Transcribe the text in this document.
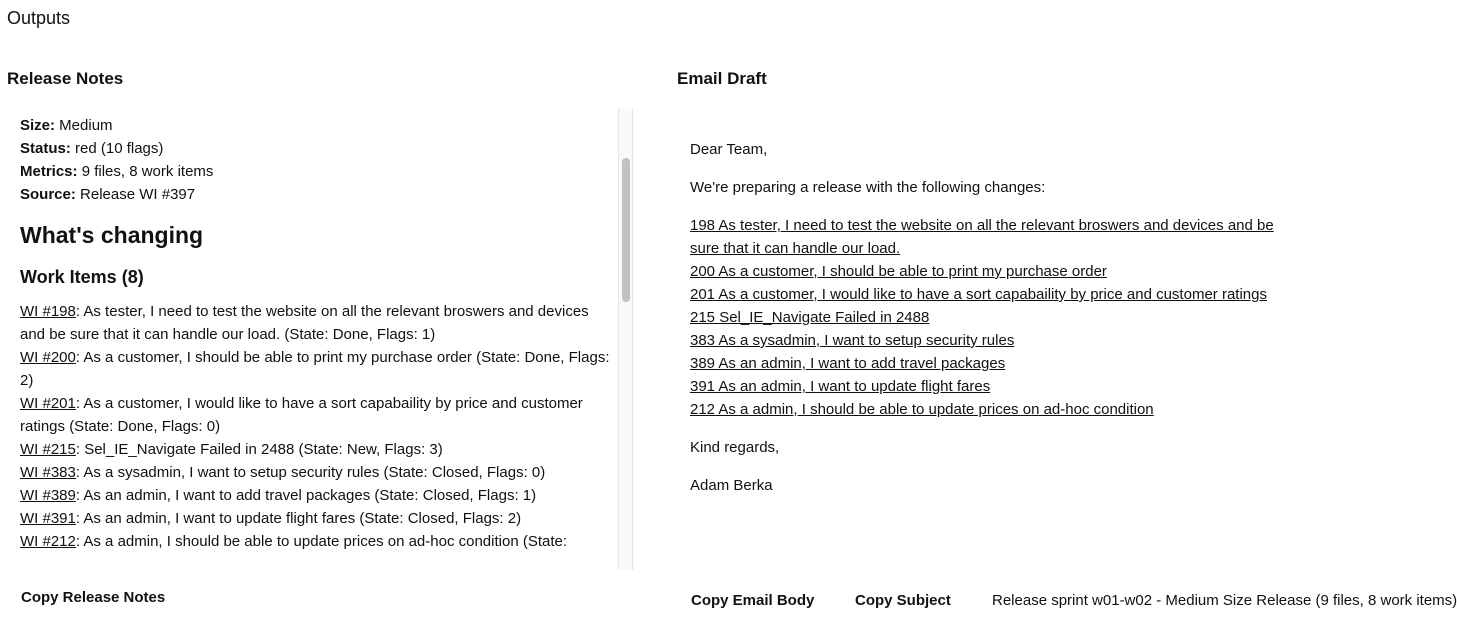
Outputs
Release Notes	Email Draft
Size: Medium
Status: red (10 flags)
Metrics: 9 files, 8 work items
Source: Release WI #397
What's changing
Work Items (8)
WI #198: As tester, I need to test the website on all the relevant broswers and devices and be sure that it can handle our load. (State: Done, Flags: 1)
WI #200: As a customer, I should be able to print my purchase order (State: Done, Flags: 2)
WI #201: As a customer, I would like to have a sort capabaility by price and customer ratings (State: Done, Flags: 0)
WI #215: Sel_IE_Navigate Failed in 2488 (State: New, Flags: 3)
WI #383: As a sysadmin, I want to setup security rules (State: Closed, Flags: 0)
WI #389: As an admin, I want to add travel packages (State: Closed, Flags: 1)
WI #391: As an admin, I want to update flight fares (State: Closed, Flags: 2)
WI #212: As a admin, I should be able to update prices on ad-hoc condition (State:

Dear Team,

We're preparing a release with the following changes:

198 As tester, I need to test the website on all the relevant broswers and devices and be sure that it can handle our load.
200 As a customer, I should be able to print my purchase order
201 As a customer, I would like to have a sort capabaility by price and customer ratings
215 Sel_IE_Navigate Failed in 2488
383 As a sysadmin, I want to setup security rules
389 As an admin, I want to add travel packages
391 As an admin, I want to update flight fares
212 As a admin, I should be able to update prices on ad-hoc condition

Kind regards,

Adam Berka

Copy Release Notes	Copy Email Body	Copy Subject	Release sprint w01-w02 - Medium Size Release (9 files, 8 work items)
